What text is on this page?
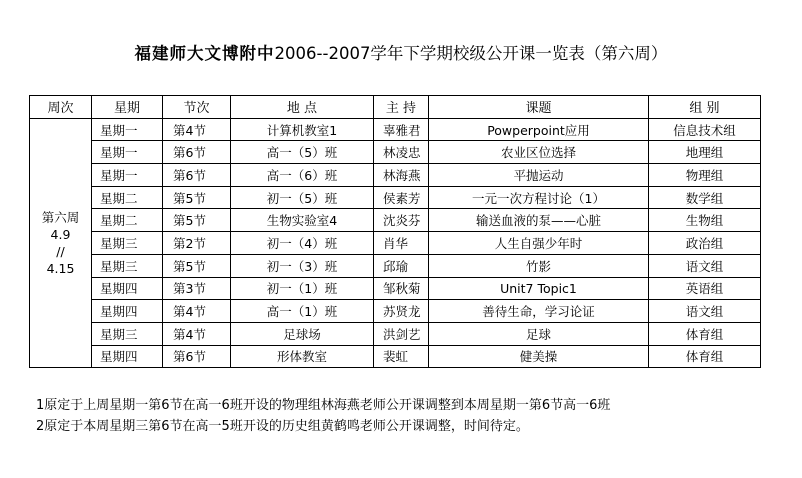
福建师大文博附中2006--2007学年下学期校级公开课一览表（第六周）
周次	星期	节次	地 点	主 持	课题	组 别

第六周
4.9
//
4.15	星期一	第4节	计算机教室1	辜雅君	Powperpoint应用	信息技术组
	星期一	第6节	高一（5）班	林凌忠	农业区位选择	地理组
	星期一	第6节	高一（6）班	林海燕	平抛运动	物理组
	星期二	第5节	初一（5）班	侯素芳	一元一次方程讨论（1）	数学组
	星期二	第5节	生物实验室4	沈炎芬	输送血液的泵——心脏	生物组
	星期三	第2节	初一（4）班	肖华	人生自强少年时	政治组
	星期三	第5节	初一（3）班	邱瑜	竹影	语文组
	星期四	第3节	初一（1）班	邹秋菊	Unit7 Topic1	英语组
	星期四	第4节	高一（1）班	苏贤龙	善待生命，学习论证	语文组
	星期三	第4节	足球场	洪剑艺	足球	体育组
	星期四	第6节	形体教室	裴虹	健美操	体育组
1原定于上周星期一第6节在高一6班开设的物理组林海燕老师公开课调整到本周星期一第6节高一6班
2原定于本周星期三第6节在高一5班开设的历史组黄鹤鸣老师公开课调整，时间待定。
